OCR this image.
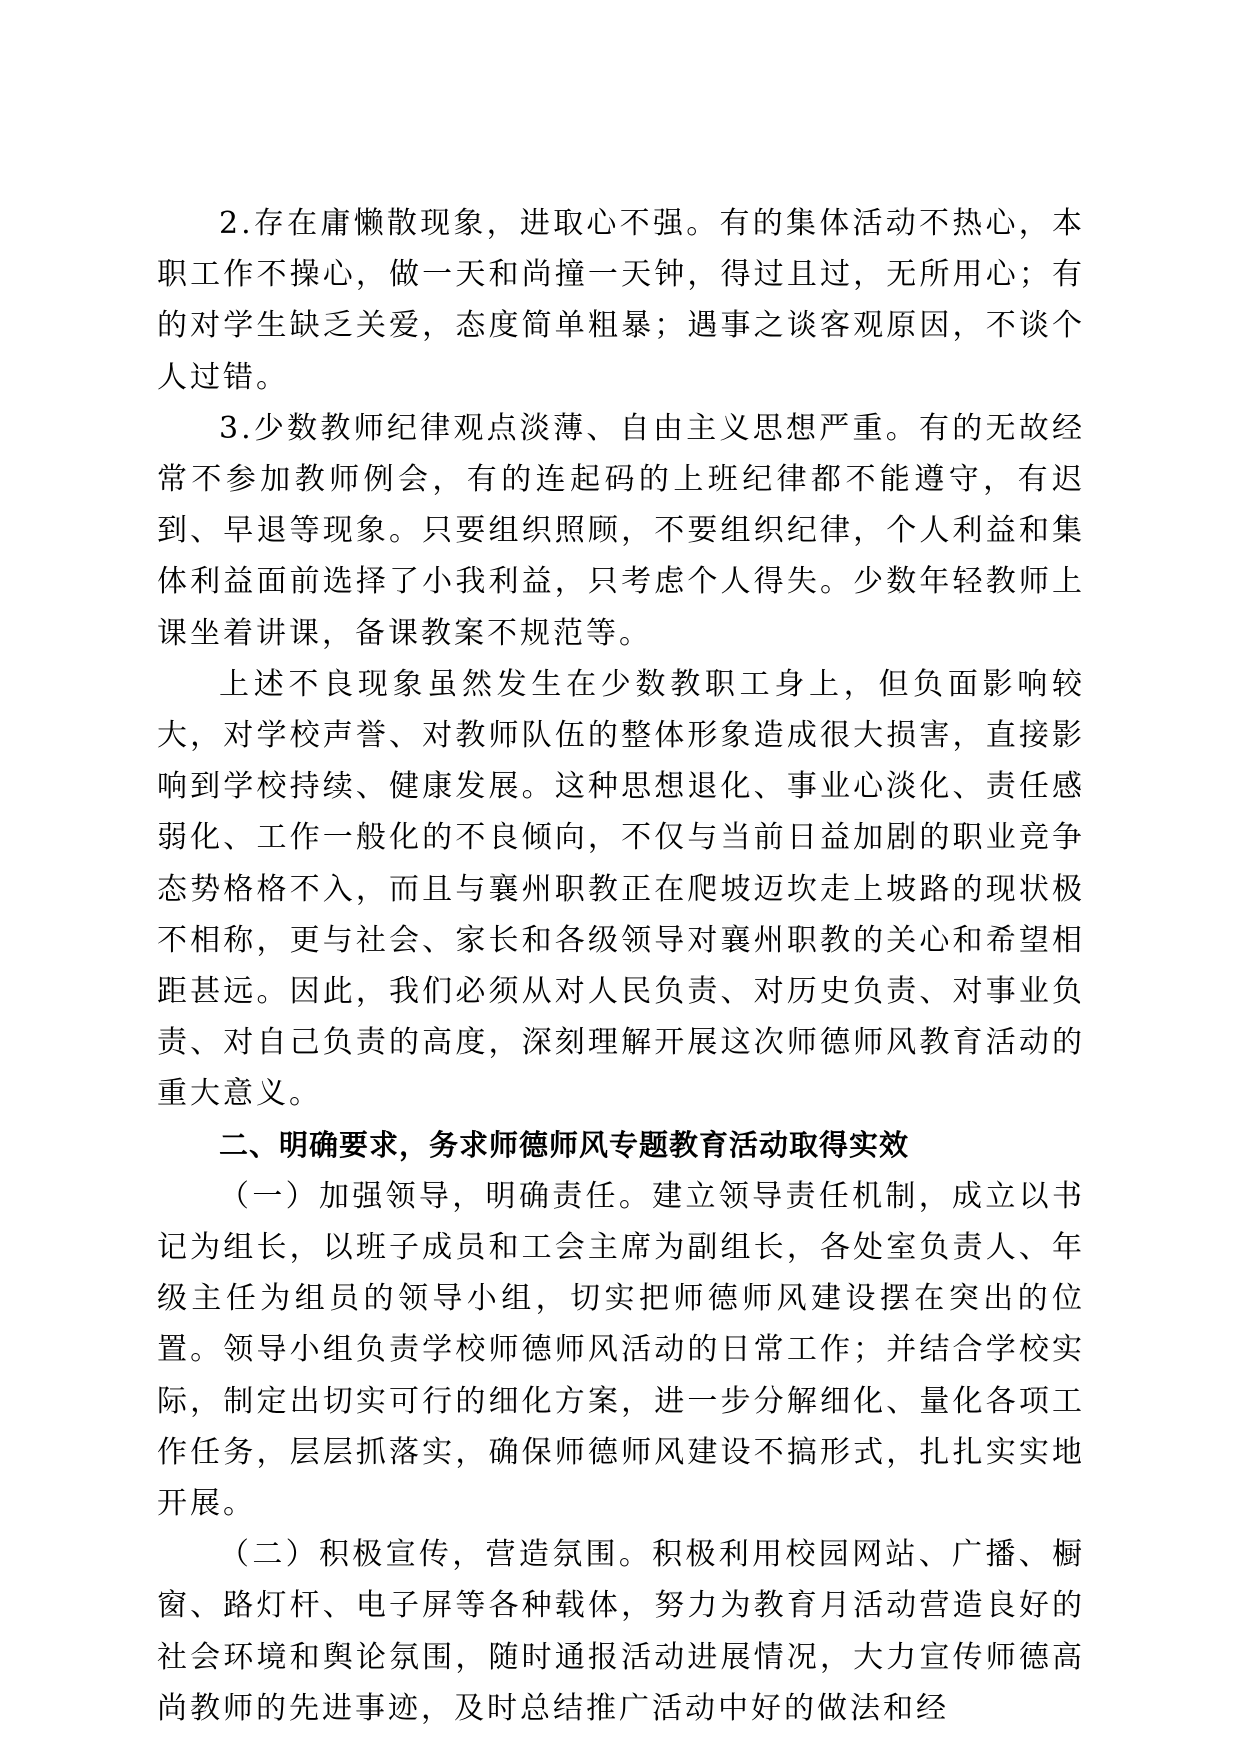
2.存在庸懒散现象，进取心不强。有的集体活动不热心，本职工作不操心，做一天和尚撞一天钟，得过且过，无所用心；有的对学生缺乏关爱，态度简单粗暴；遇事之谈客观原因，不谈个人过错。

3.少数教师纪律观点淡薄、自由主义思想严重。有的无故经常不参加教师例会，有的连起码的上班纪律都不能遵守，有迟到、早退等现象。只要组织照顾，不要组织纪律，个人利益和集体利益面前选择了小我利益，只考虑个人得失。少数年轻教师上课坐着讲课，备课教案不规范等。

上述不良现象虽然发生在少数教职工身上，但负面影响较大，对学校声誉、对教师队伍的整体形象造成很大损害，直接影响到学校持续、健康发展。这种思想退化、事业心淡化、责任感弱化、工作一般化的不良倾向，不仅与当前日益加剧的职业竞争态势格格不入，而且与襄州职教正在爬坡迈坎走上坡路的现状极不相称，更与社会、家长和各级领导对襄州职教的关心和希望相距甚远。因此，我们必须从对人民负责、对历史负责、对事业负责、对自己负责的高度，深刻理解开展这次师德师风教育活动的重大意义。

二、明确要求，务求师德师风专题教育活动取得实效

（一）加强领导，明确责任。建立领导责任机制，成立以书记为组长，以班子成员和工会主席为副组长，各处室负责人、年级主任为组员的领导小组，切实把师德师风建设摆在突出的位置。领导小组负责学校师德师风活动的日常工作；并结合学校实际，制定出切实可行的细化方案，进一步分解细化、量化各项工作任务，层层抓落实，确保师德师风建设不搞形式，扎扎实实地开展。

（二）积极宣传，营造氛围。积极利用校园网站、广播、橱窗、路灯杆、电子屏等各种载体，努力为教育月活动营造良好的社会环境和舆论氛围，随时通报活动进展情况，大力宣传师德高尚教师的先进事迹，及时总结推广活动中好的做法和经
